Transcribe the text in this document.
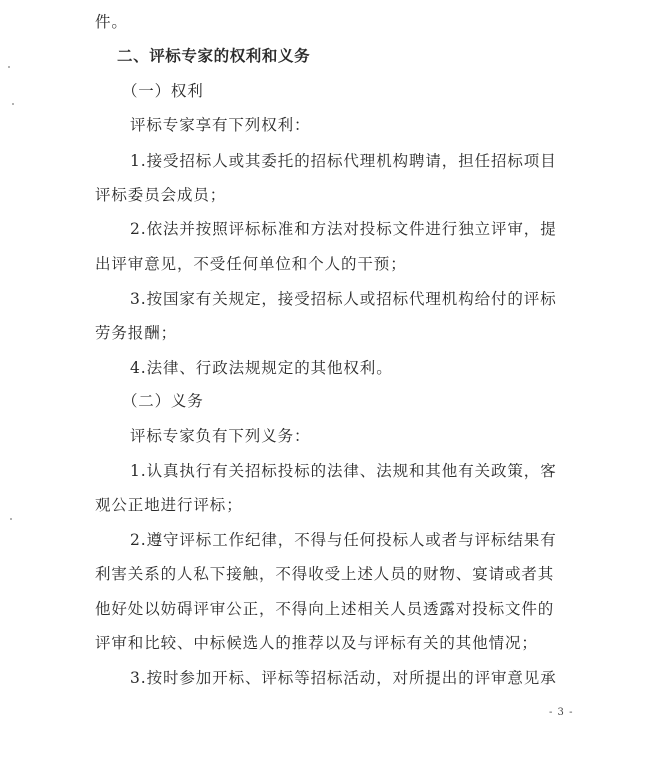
件。
二、评标专家的权利和义务
（一）权利
评标专家享有下列权利：
1.接受招标人或其委托的招标代理机构聘请，担任招标项目
评标委员会成员；
2.依法并按照评标标准和方法对投标文件进行独立评审，提
出评审意见，不受任何单位和个人的干预；
3.按国家有关规定，接受招标人或招标代理机构给付的评标
劳务报酬；
4.法律、行政法规规定的其他权利。
（二）义务
评标专家负有下列义务：
1.认真执行有关招标投标的法律、法规和其他有关政策，客
观公正地进行评标；
2.遵守评标工作纪律，不得与任何投标人或者与评标结果有
利害关系的人私下接触，不得收受上述人员的财物、宴请或者其
他好处以妨碍评审公正，不得向上述相关人员透露对投标文件的
评审和比较、中标候选人的推荐以及与评标有关的其他情况；
3.按时参加开标、评标等招标活动，对所提出的评审意见承
- 3 -
